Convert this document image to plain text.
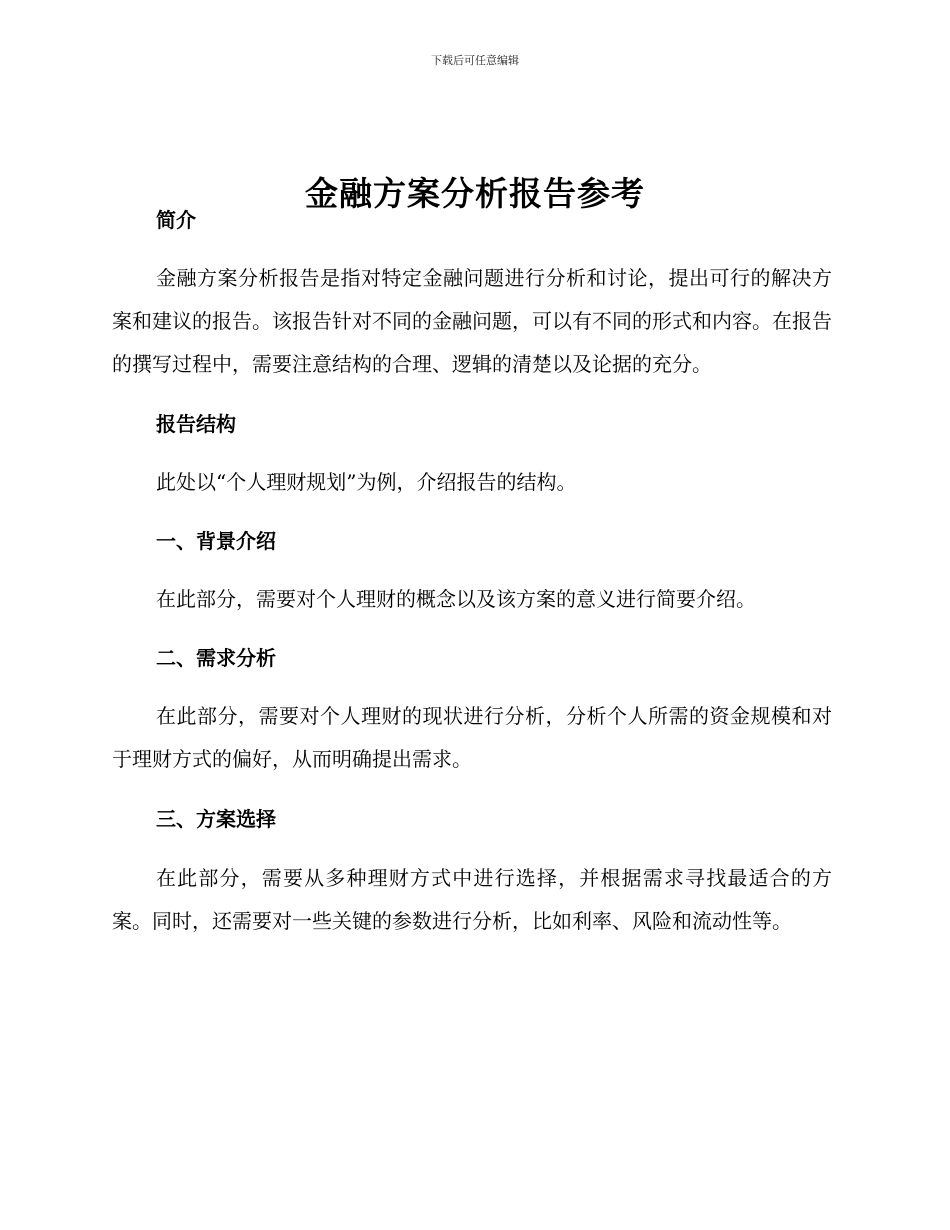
下载后可任意编辑
金融方案分析报告参考

简介

金融方案分析报告是指对特定金融问题进行分析和讨论，提出可行的解决方案和建议的报告。该报告针对不同的金融问题，可以有不同的形式和内容。在报告的撰写过程中，需要注意结构的合理、逻辑的清楚以及论据的充分。

报告结构

此处以“个人理财规划”为例，介绍报告的结构。

一、背景介绍

在此部分，需要对个人理财的概念以及该方案的意义进行简要介绍。

二、需求分析

在此部分，需要对个人理财的现状进行分析，分析个人所需的资金规模和对于理财方式的偏好，从而明确提出需求。

三、方案选择

在此部分，需要从多种理财方式中进行选择，并根据需求寻找最适合的方案。同时，还需要对一些关键的参数进行分析，比如利率、风险和流动性等。
